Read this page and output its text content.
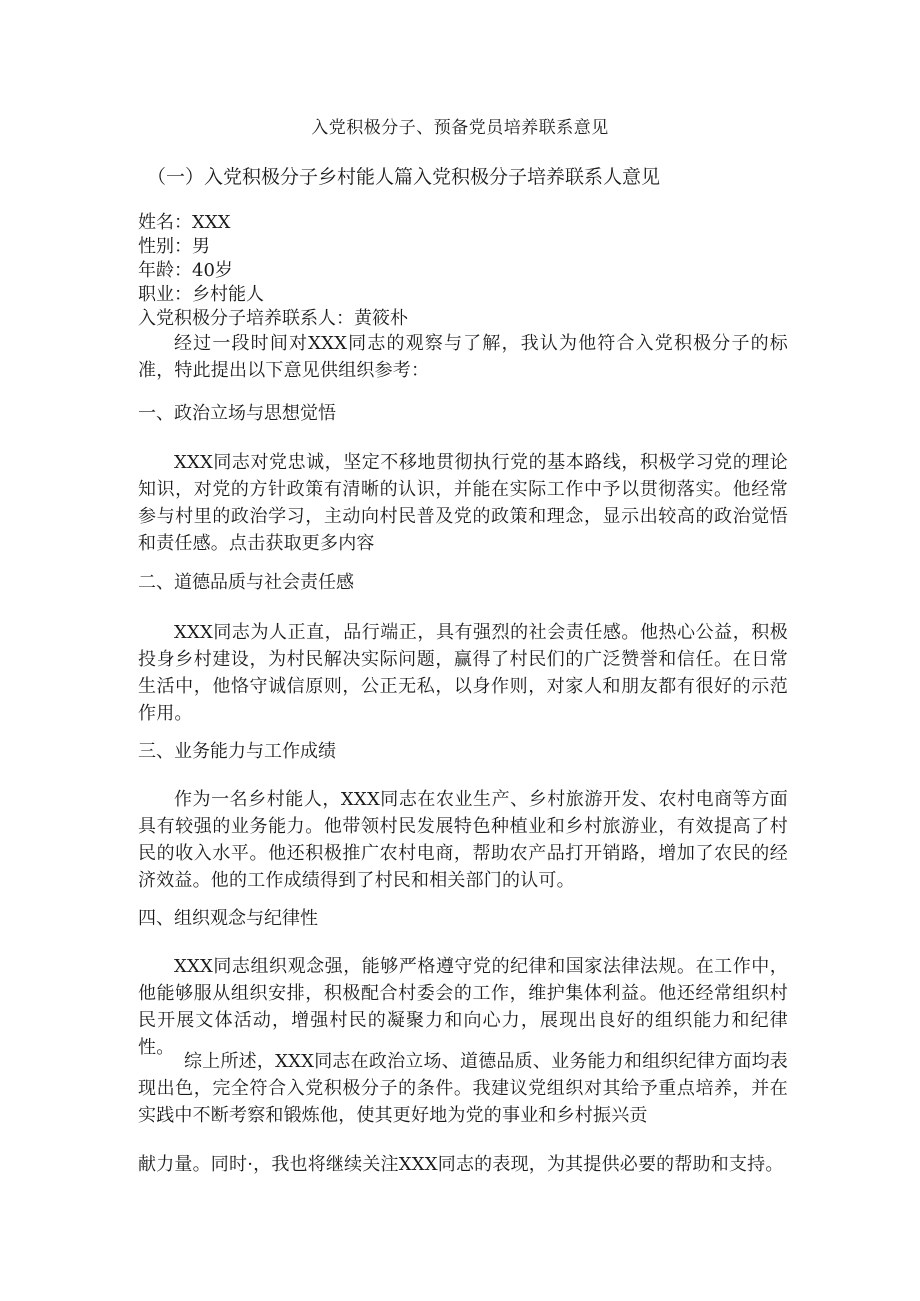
入党积极分子、预备党员培养联系意见
（一）入党积极分子乡村能人篇入党积极分子培养联系人意见
姓名：XXX
性别：男
年龄：40岁
职业：乡村能人
入党积极分子培养联系人：黄筱朴
经过一段时间对XXX同志的观察与了解，我认为他符合入党积极分子的标准，特此提出以下意见供组织参考：
一、政治立场与思想觉悟
XXX同志对党忠诚，坚定不移地贯彻执行党的基本路线，积极学习党的理论知识，对党的方针政策有清晰的认识，并能在实际工作中予以贯彻落实。他经常参与村里的政治学习，主动向村民普及党的政策和理念，显示出较高的政治觉悟和责任感。点击获取更多内容
二、道德品质与社会责任感
XXX同志为人正直，品行端正，具有强烈的社会责任感。他热心公益，积极投身乡村建设，为村民解决实际问题，赢得了村民们的广泛赞誉和信任。在日常生活中，他恪守诚信原则，公正无私，以身作则，对家人和朋友都有很好的示范作用。
三、业务能力与工作成绩
作为一名乡村能人，XXX同志在农业生产、乡村旅游开发、农村电商等方面具有较强的业务能力。他带领村民发展特色种植业和乡村旅游业，有效提高了村民的收入水平。他还积极推广农村电商，帮助农产品打开销路，增加了农民的经济效益。他的工作成绩得到了村民和相关部门的认可。
四、组织观念与纪律性
XXX同志组织观念强，能够严格遵守党的纪律和国家法律法规。在工作中，他能够服从组织安排，积极配合村委会的工作，维护集体利益。他还经常组织村民开展文体活动，增强村民的凝聚力和向心力，展现出良好的组织能力和纪律性。
综上所述，XXX同志在政治立场、道德品质、业务能力和组织纪律方面均表现出色，完全符合入党积极分子的条件。我建议党组织对其给予重点培养，并在实践中不断考察和锻炼他，使其更好地为党的事业和乡村振兴贡
献力量。同时·，我也将继续关注XXX同志的表现，为其提供必要的帮助和支持。
